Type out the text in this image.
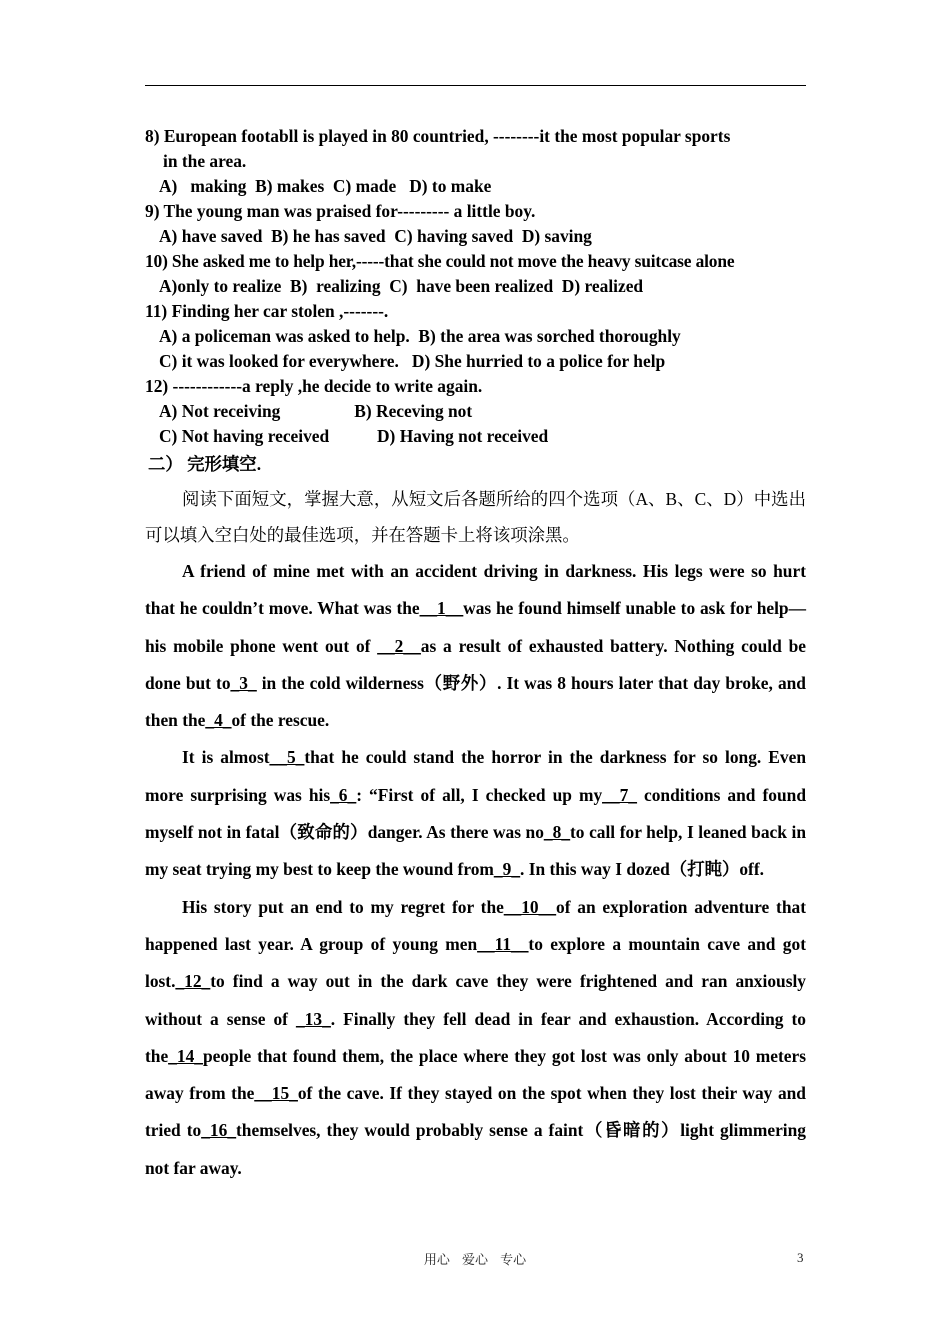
8) European footabll is played in 80 countried, --------it the most popular sports
in the area.
A)   making  B) makes  C) made   D) to make
9) The young man was praised for--------- a little boy.
A) have saved  B) he has saved  C) having saved  D) saving
10) She asked me to help her,-----that she could not move the heavy suitcase alone
A)only to realize  B)  realizing  C)  have been realized  D) realized
11) Finding her car stolen ,-------.
A) a policeman was asked to help.  B) the area was sorched thoroughly
C) it was looked for everywhere.   D) She hurried to a police for help
12) ------------a reply ,he decide to write again.
A) Not receiving                 B) Receving not
C) Not having received           D) Having not received
二） 完形填空.
阅读下面短文，掌握大意，从短文后各题所给的四个选项（A、B、C、D）中选出可以填入空白处的最佳选项，并在答题卡上将该项涂黑。
A friend of mine met with an accident driving in darkness. His legs were so hurt that he couldn’t move. What was the__1__was he found himself unable to ask for help—his mobile phone went out of __2__as a result of exhausted battery. Nothing could be done but to_3_ in the cold wilderness（野外）. It was 8 hours later that day broke, and then the_4_of the rescue.
It is almost__5_that he could stand the horror in the darkness for so long. Even more surprising was his_6_: “First of all, I checked up my__7_ conditions and found myself not in fatal（致命的）danger. As there was no_8_to call for help, I leaned back in my seat trying my best to keep the wound from_9_. In this way I dozed（打盹）off.
His story put an end to my regret for the__10__of an exploration adventure that happened last year. A group of young men__11__to explore a mountain cave and got lost._12_to find a way out in the dark cave they were frightened and ran anxiously without a sense of _13_. Finally they fell dead in fear and exhaustion. According to the_14_people that found them, the place where they got lost was only about 10 meters away from the__15_of the cave. If they stayed on the spot when they lost their way and tried to_16_themselves, they would probably sense a faint（昏暗的）light glimmering not far away.
用心 爱心 专心	3
